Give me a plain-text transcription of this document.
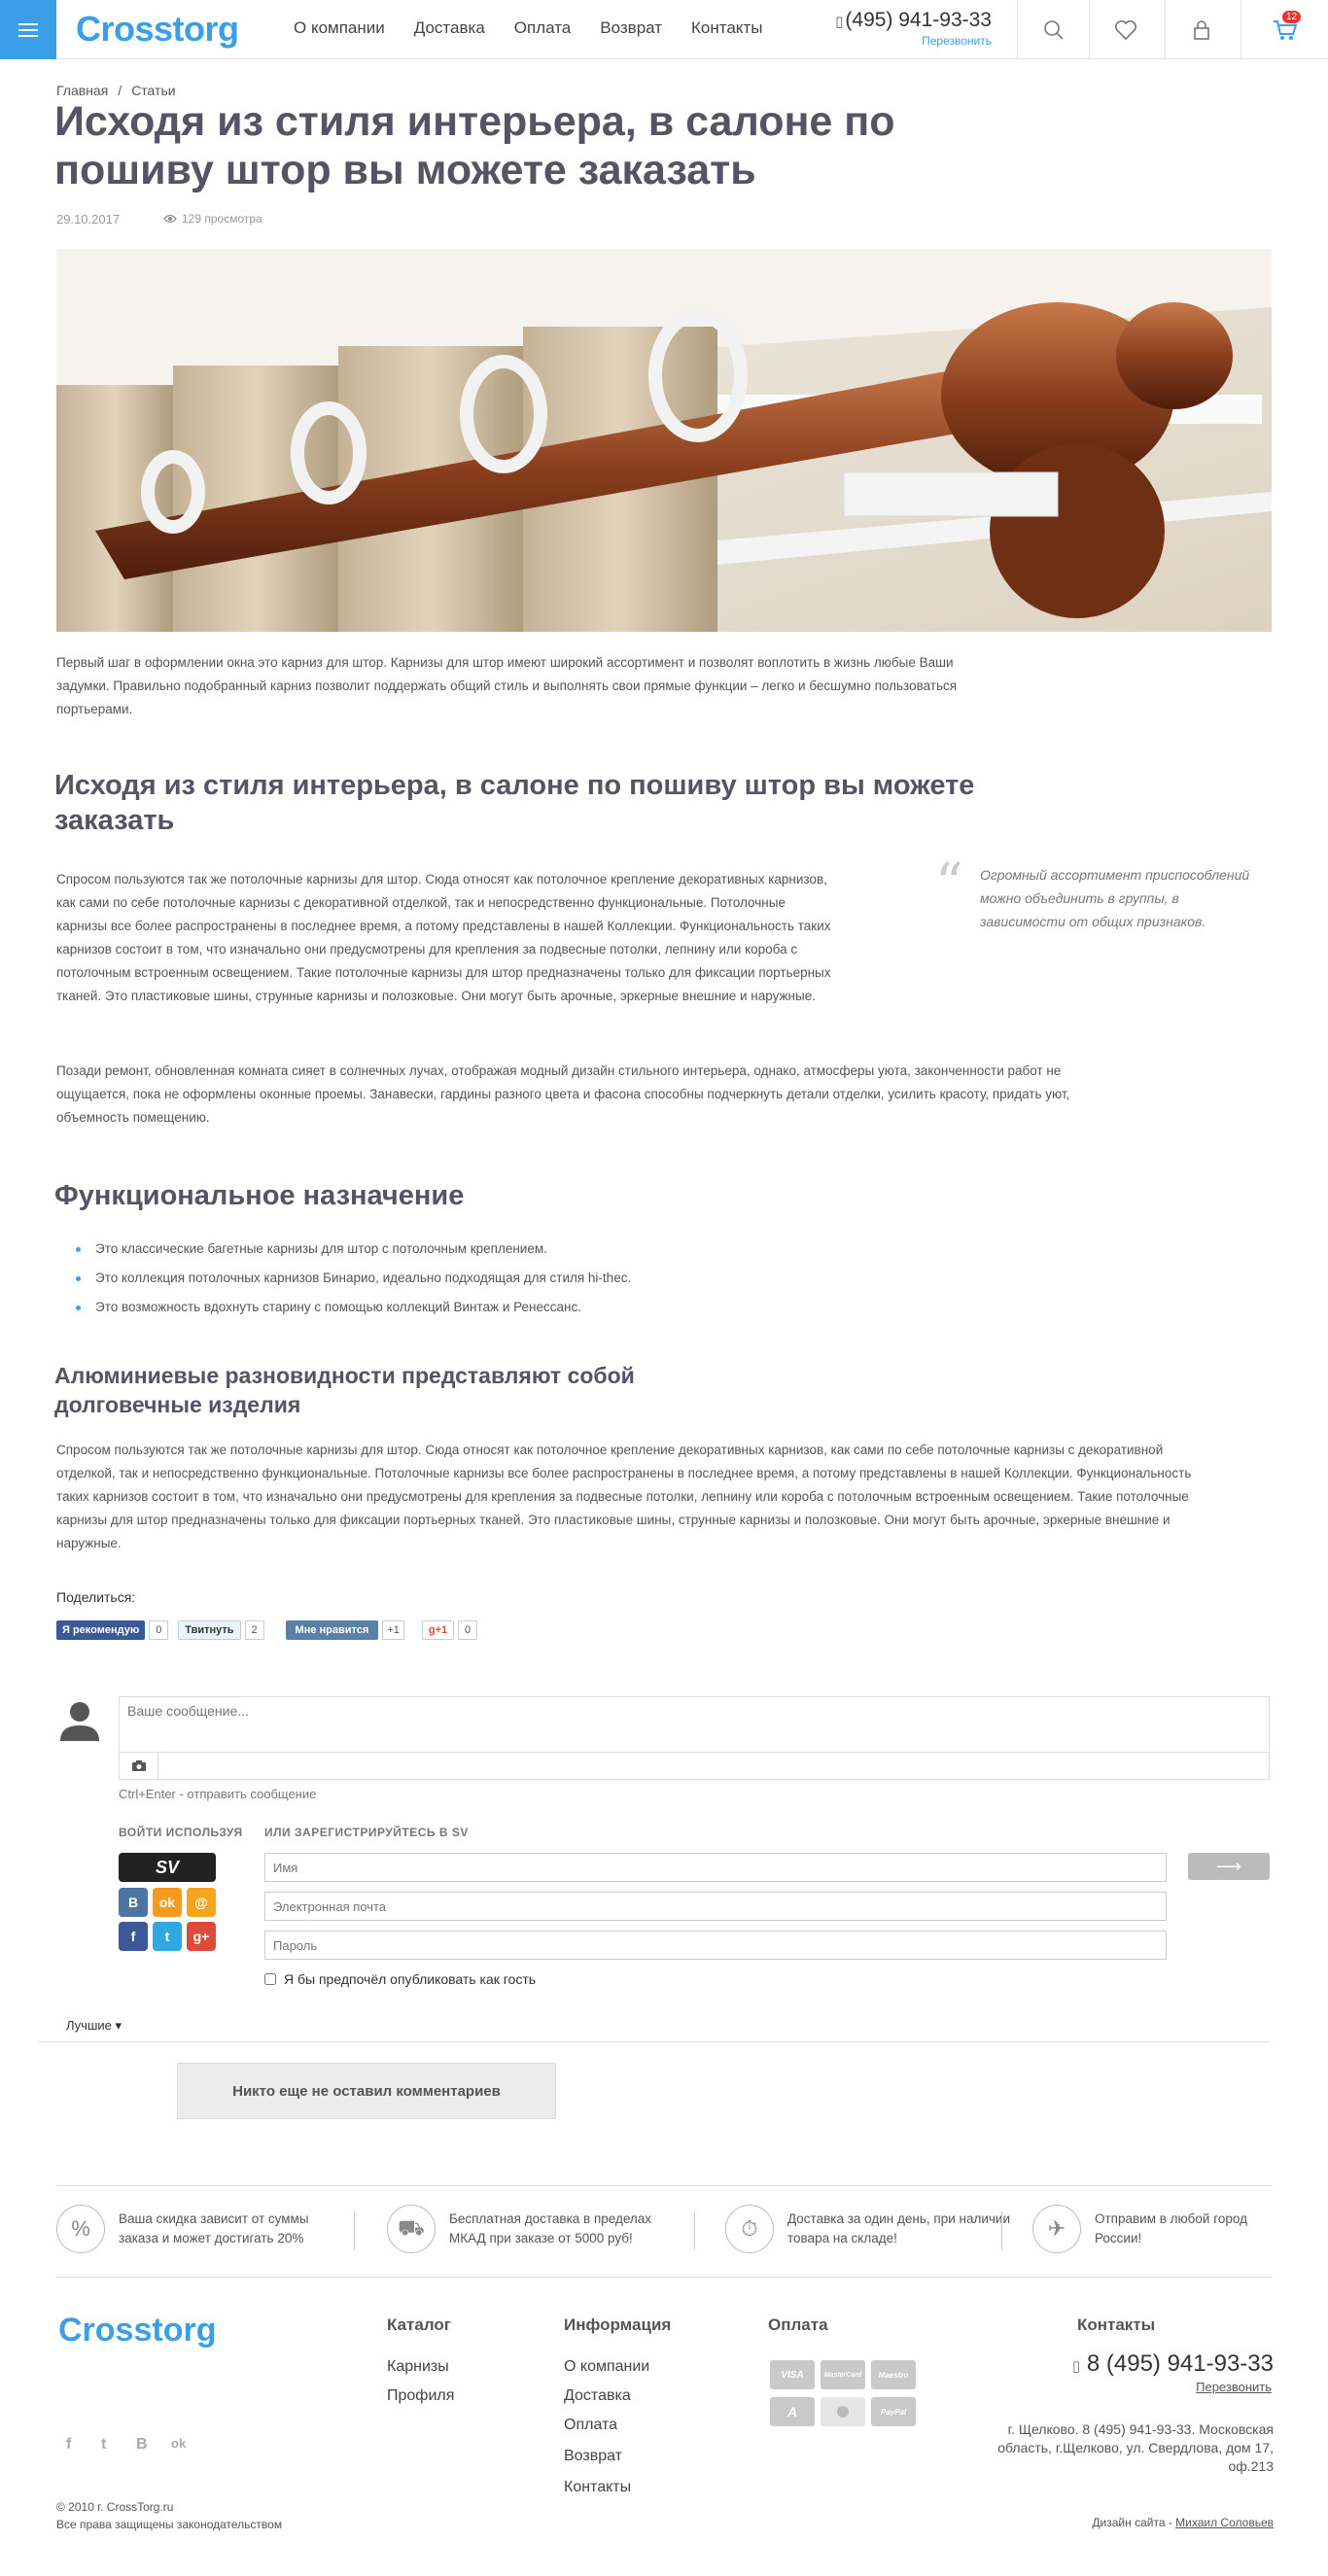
Crosstorg	О компании Доставка Оплата Возврат Контакты	▯(495) 941-93-33
Перезвонить
12
Главная / Статьи
Исходя из стиля интерьера, в салоне по пошиву штор вы можете заказать
29.10.2017	129 просмотра

Первый шаг в оформлении окна это карниз для штор. Карнизы для штор имеют широкий ассортимент и позволят воплотить в жизнь любые Ваши задумки. Правильно подобранный карниз позволит поддержать общий стиль и выполнять свои прямые функции – легко и бесшумно пользоваться портьерами.

Исходя из стиля интерьера, в салоне по пошиву штор вы можете заказать

Спросом пользуются так же потолочные карнизы для штор. Сюда относят как потолочное крепление декоративных карнизов, как сами по себе потолочные карнизы с декоративной отделкой, так и непосредственно функциональные. Потолочные карнизы все более распространены в последнее время, а потому представлены в нашей Коллекции. Функциональность таких карнизов состоит в том, что изначально они предусмотрены для крепления за подвесные потолки, лепнину или короба с потолочным встроенным освещением. Такие потолочные карнизы для штор предназначены только для фиксации портьерных тканей. Это пластиковые шины, струнные карнизы и полозковые. Они могут быть арочные, эркерные внешние и наружные.

“ Огромный ассортимент приспособлений можно объединить в группы, в зависимости от общих признаков.

Позади ремонт, обновленная комната сияет в солнечных лучах, отображая модный дизайн стильного интерьера, однако, атмосферы уюта, законченности работ не ощущается, пока не оформлены оконные проемы. Занавески, гардины разного цвета и фасона способны подчеркнуть детали отделки, усилить красоту, придать уют, объемность помещению.

Функциональное назначение
Это классические багетные карнизы для штор с потолочным креплением.
Это коллекция потолочных карнизов Бинарио, идеально подходящая для стиля hi-thec.
Это возможность вдохнуть старину с помощью коллекций Винтаж и Ренессанс.
Алюминиевые разновидности представляют собой долговечные изделия

Спросом пользуются так же потолочные карнизы для штор. Сюда относят как потолочное крепление декоративных карнизов, как сами по себе потолочные карнизы с декоративной отделкой, так и непосредственно функциональные. Потолочные карнизы все более распространены в последнее время, а потому представлены в нашей Коллекции. Функциональность таких карнизов состоит в том, что изначально они предусмотрены для крепления за подвесные потолки, лепнину или короба с потолочным встроенным освещением. Такие потолочные карнизы для штор предназначены только для фиксации портьерных тканей. Это пластиковые шины, струнные карнизы и полозковые. Они могут быть арочные, эркерные внешние и наружные.

Поделиться:
Я рекомендую	0	Твитнуть	2	Мне нравится	+1	g+1	0
Ваше сообщение...
Ctrl+Enter - отправить сообщение
ВОЙТИ ИСПОЛЬЗУЯ ИЛИ ЗАРЕГИСТРИРУЙТЕСЬ В SV
SV
B	ok	@
f	t	g+
Имя
Электронная почта
Пароль
⟶
Я бы предпочёл опубликовать как гость
Лучшие ▾
Никто еще не оставил комментариев
%	Ваша скидка зависит от суммы заказа и может достигать 20%	⛟	Бесплатная доставка в пределах МКАД при заказе от 5000 руб!	⏱	Доставка за один день, при наличии товара на складе!	✈	Отправим в любой город России!
Crosstorg	Каталог
Карнизы
Профиля
Информация
О компании
Доставка
Оплата
Возврат
Контакты
Оплата
VISA	MasterCard	Maestro
A	PayPal
Контакты
▯ 8 (495) 941-93-33
Перезвонить
г. Щелково. 8 (495) 941-93-33. Московская область, г.Щелково, ул. Свердлова, дом 17, оф.213
f t B ok
© 2010 г. CrossTorg.ru
Все права защищены законодательством	Дизайн сайта - Михаил Соловьев
